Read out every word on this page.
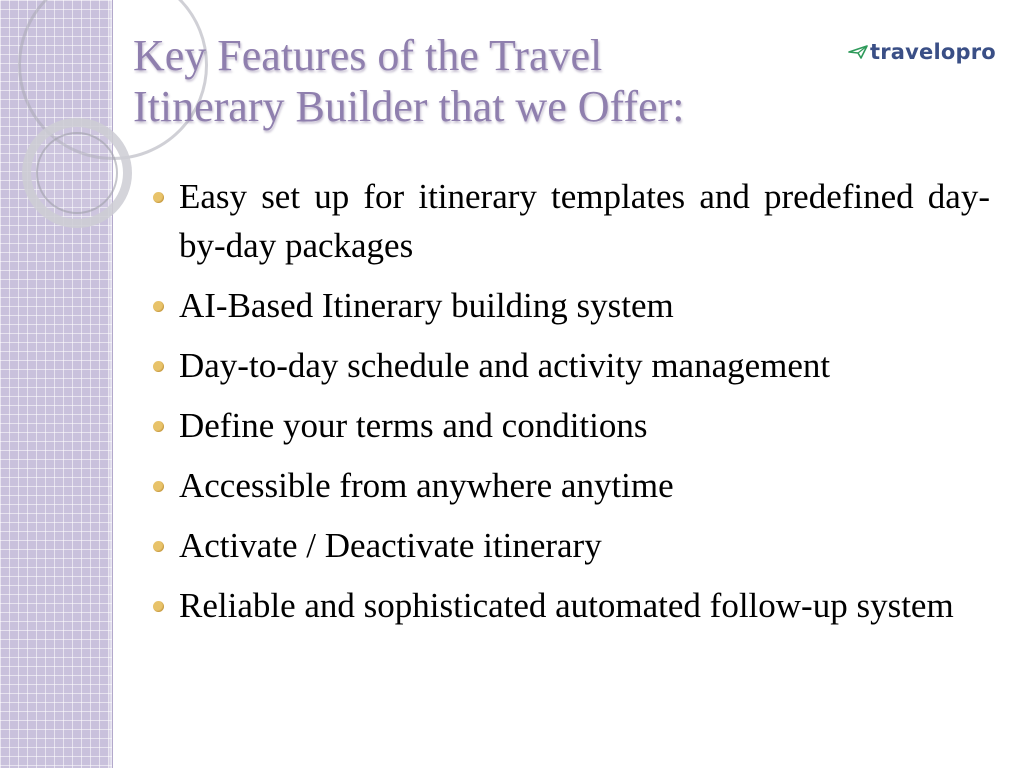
Key Features of the Travel
Itinerary Builder that we Offer:
travelopro
Easy set up for itinerary templates and predefined day-by-day packages
AI-Based Itinerary building system
Day-to-day schedule and activity management
Define your terms and conditions
Accessible from anywhere anytime
Activate / Deactivate itinerary
Reliable and sophisticated automated follow-up system
